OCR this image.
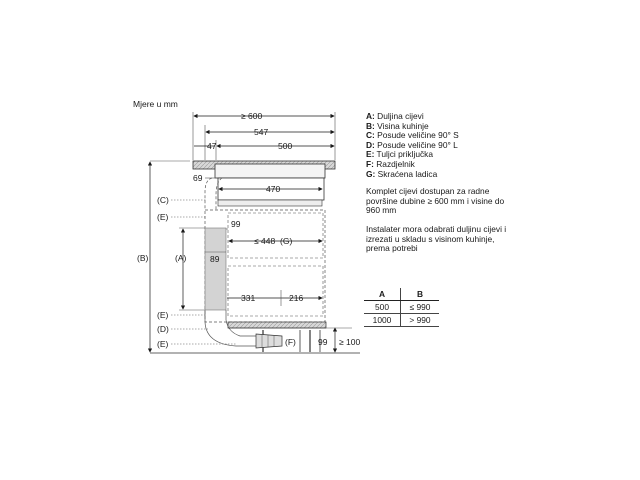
Mjere u mm
≥ 600
547
47	500
69
470
99
≤ 448 (G)
89
331	216
99 ≥ 100
(B)	(A)
(C)
(E)
(E)
(D)
(E)	(F)
A: Duljina cijevi
B: Visina kuhinje
C: Posude veličine 90° S
D: Posude veličine 90° L
E: Tuljci priključka
F: Razdjelnik
G: Skraćena ladica
Komplet cijevi dostupan za radne površine dubine ≥ 600 mm i visine do 960 mm
Instalater mora odabrati duljinu cijevi i izrezati u skladu s visinom kuhinje, prema potrebi
A	B
500	≤ 990
1000	> 990
